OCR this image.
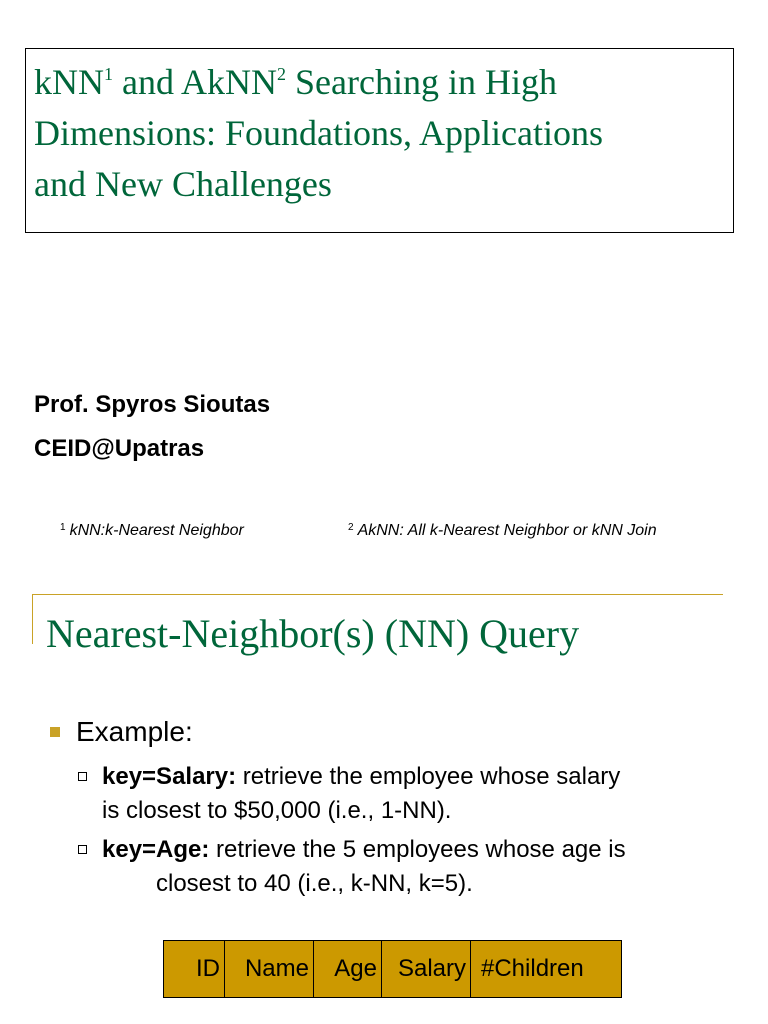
kNN$^1$ and AkNN$^2$ Searching in High
Dimensions: Foundations, Applications
and New Challenges
Prof. Spyros Sioutas
CEID@Upatras
$^1$ kNN:k-Nearest Neighbor	$^2$ AkNN: All k-Nearest Neighbor or kNN Join
Nearest-Neighbor(s) (NN) Query
Example:
key=Salary: retrieve the employee whose salary
is closest to $50,000 (i.e., 1-NN).
key=Age: retrieve the 5 employees whose age is
closest to 40 (i.e., k-NN, k=5).
ID	Name	Age Salary #Children
